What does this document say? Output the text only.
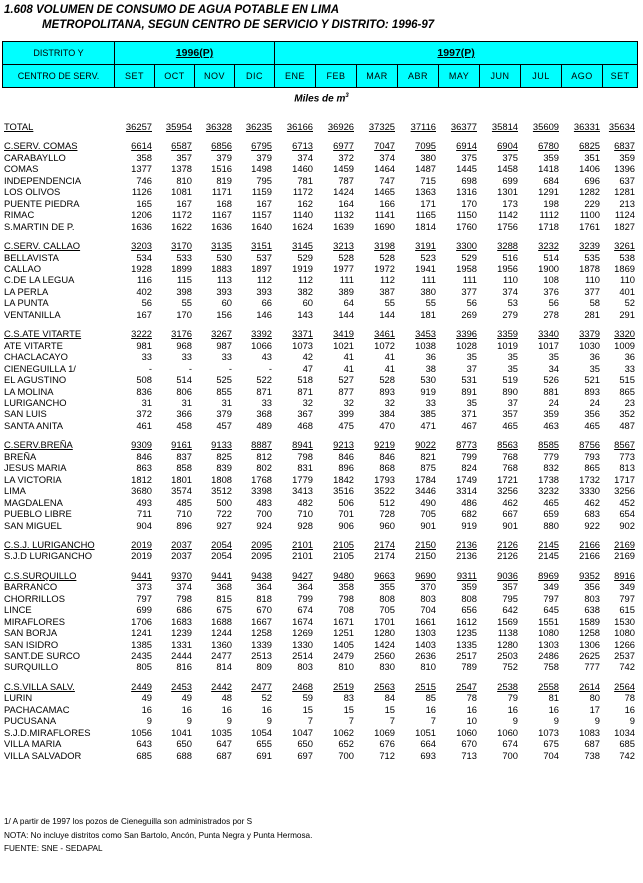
1.608 VOLUMEN DE CONSUMO DE AGUA POTABLE EN LIMA
METROPOLITANA, SEGUN CENTRO DE SERVICIO Y DISTRITO: 1996-97
DISTRITO Y	1996(P)				1997(P)								
CENTRO DE SERV.	SET	OCT	NOV	DIC	ENE	FEB	MAR	ABR	MAY	JUN	JUL	AGO	SET
Miles de $m^3$
TOTAL	36257	35954	36328	36235	36166	36926	37325	37116	36377	35814	35609	36331	35634

C.SERV. COMAS	6614	6587	6856	6795	6713	6977	7047	7095	6914	6904	6780	6825	6837
CARABAYLLO	358	357	379	379	374	372	374	380	375	375	359	351	359
COMAS	1377	1378	1516	1498	1460	1459	1464	1487	1445	1458	1418	1406	1396
INDEPENDENCIA	746	810	819	795	781	787	747	715	698	699	684	696	637
LOS OLIVOS	1126	1081	1171	1159	1172	1424	1465	1363	1316	1301	1291	1282	1281
PUENTE PIEDRA	165	167	168	167	162	164	166	171	170	173	198	229	213
RIMAC	1206	1172	1167	1157	1140	1132	1141	1165	1150	1142	1112	1100	1124
S.MARTIN DE P.	1636	1622	1636	1640	1624	1639	1690	1814	1760	1756	1718	1761	1827

C.SERV. CALLAO	3203	3170	3135	3151	3145	3213	3198	3191	3300	3288	3232	3239	3261
BELLAVISTA	534	533	530	537	529	528	528	523	529	516	514	535	538
CALLAO	1928	1899	1883	1897	1919	1977	1972	1941	1958	1956	1900	1878	1869
C.DE LA LEGUA	116	115	113	112	112	111	112	111	111	110	108	110	110
LA PERLA	402	398	393	393	382	389	387	380	377	374	376	377	401
LA PUNTA	56	55	60	66	60	64	55	55	56	53	56	58	52
VENTANILLA	167	170	156	146	143	144	144	181	269	279	278	281	291

C.S.ATE VITARTE	3222	3176	3267	3392	3371	3419	3461	3453	3396	3359	3340	3379	3320
ATE VITARTE	981	968	987	1066	1073	1021	1072	1038	1028	1019	1017	1030	1009
CHACLACAYO	33	33	33	43	42	41	41	36	35	35	35	36	36
CIENEGUILLA 1/	-	-	-	-	47	41	41	38	37	35	34	35	33
EL AGUSTINO	508	514	525	522	518	527	528	530	531	519	526	521	515
LA MOLINA	836	806	855	871	871	877	893	919	891	890	881	893	865
LURIGANCHO	31	31	31	33	32	32	32	33	35	37	24	24	23
SAN LUIS	372	366	379	368	367	399	384	385	371	357	359	356	352
SANTA ANITA	461	458	457	489	468	475	470	471	467	465	463	465	487

C.SERV.BREÑA	9309	9161	9133	8887	8941	9213	9219	9022	8773	8563	8585	8756	8567
BREÑA	846	837	825	812	798	846	846	821	799	768	779	793	773
JESUS MARIA	863	858	839	802	831	896	868	875	824	768	832	865	813
LA VICTORIA	1812	1801	1808	1768	1779	1842	1793	1784	1749	1721	1738	1732	1717
LIMA	3680	3574	3512	3398	3413	3516	3522	3446	3314	3256	3232	3330	3256
MAGDALENA	493	485	500	483	482	506	512	490	486	462	465	462	452
PUEBLO LIBRE	711	710	722	700	710	701	728	705	682	667	659	683	654
SAN MIGUEL	904	896	927	924	928	906	960	901	919	901	880	922	902

C.S.J. LURIGANCHO	2019	2037	2054	2095	2101	2105	2174	2150	2136	2126	2145	2166	2169
S.J.D LURIGANCHO	2019	2037	2054	2095	2101	2105	2174	2150	2136	2126	2145	2166	2169

C.S.SURQUILLO	9441	9370	9441	9438	9427	9480	9663	9690	9311	9036	8969	9352	8916
BARRANCO	373	374	368	364	364	358	355	370	359	357	349	356	349
CHORRILLOS	797	798	815	818	799	798	808	803	808	795	797	803	797
LINCE	699	686	675	670	674	708	705	704	656	642	645	638	615
MIRAFLORES	1706	1683	1688	1667	1674	1671	1701	1661	1612	1569	1551	1589	1530
SAN BORJA	1241	1239	1244	1258	1269	1251	1280	1303	1235	1138	1080	1258	1080
SAN ISIDRO	1385	1331	1360	1339	1330	1405	1424	1403	1335	1280	1303	1306	1266
SANT.DE SURCO	2435	2444	2477	2513	2514	2479	2560	2636	2517	2503	2486	2625	2537
SURQUILLO	805	816	814	809	803	810	830	810	789	752	758	777	742

C.S.VILLA SALV.	2449	2453	2442	2477	2468	2519	2563	2515	2547	2538	2558	2614	2564
LURIN	49	49	48	52	59	83	84	85	78	79	81	80	78
PACHACAMAC	16	16	16	16	15	15	15	16	16	16	16	17	16
PUCUSANA	9	9	9	9	7	7	7	7	10	9	9	9	9
S.J.D.MIRAFLORES	1056	1041	1035	1054	1047	1062	1069	1051	1060	1060	1073	1083	1034
VILLA MARIA	643	650	647	655	650	652	676	664	670	674	675	687	685
VILLA SALVADOR	685	688	687	691	697	700	712	693	713	700	704	738	742
1/ A partir de 1997 los pozos de Cieneguilla son administrados por S
NOTA: No incluye distritos como San Bartolo, Ancón, Punta Negra y Punta Hermosa.
FUENTE: SNE - SEDAPAL
